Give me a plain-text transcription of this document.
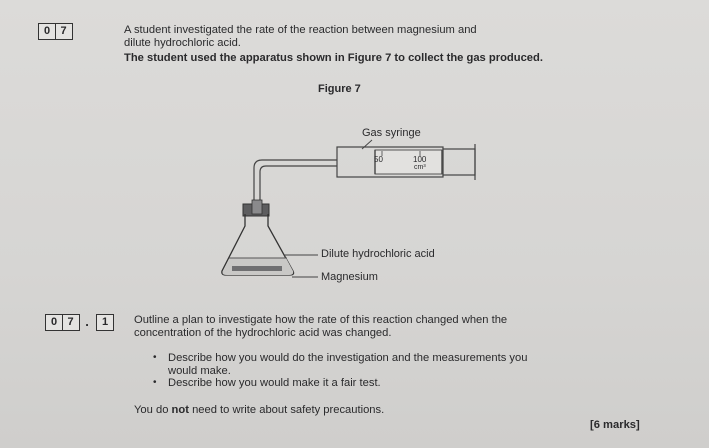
0 7	A student investigated the rate of the reaction between magnesium and
dilute hydrochloric acid.
The student used the apparatus shown in Figure 7 to collect the gas produced.
Figure 7
Gas syringe
50	100
cm³
Dilute hydrochloric acid
Magnesium
0 7 .	1	Outline a plan to investigate how the rate of this reaction changed when the
concentration of the hydrochloric acid was changed.
• Describe how you would do the investigation and the measurements you
would make.
• Describe how you would make it a fair test.
You do not need to write about safety precautions.
[6 marks]
